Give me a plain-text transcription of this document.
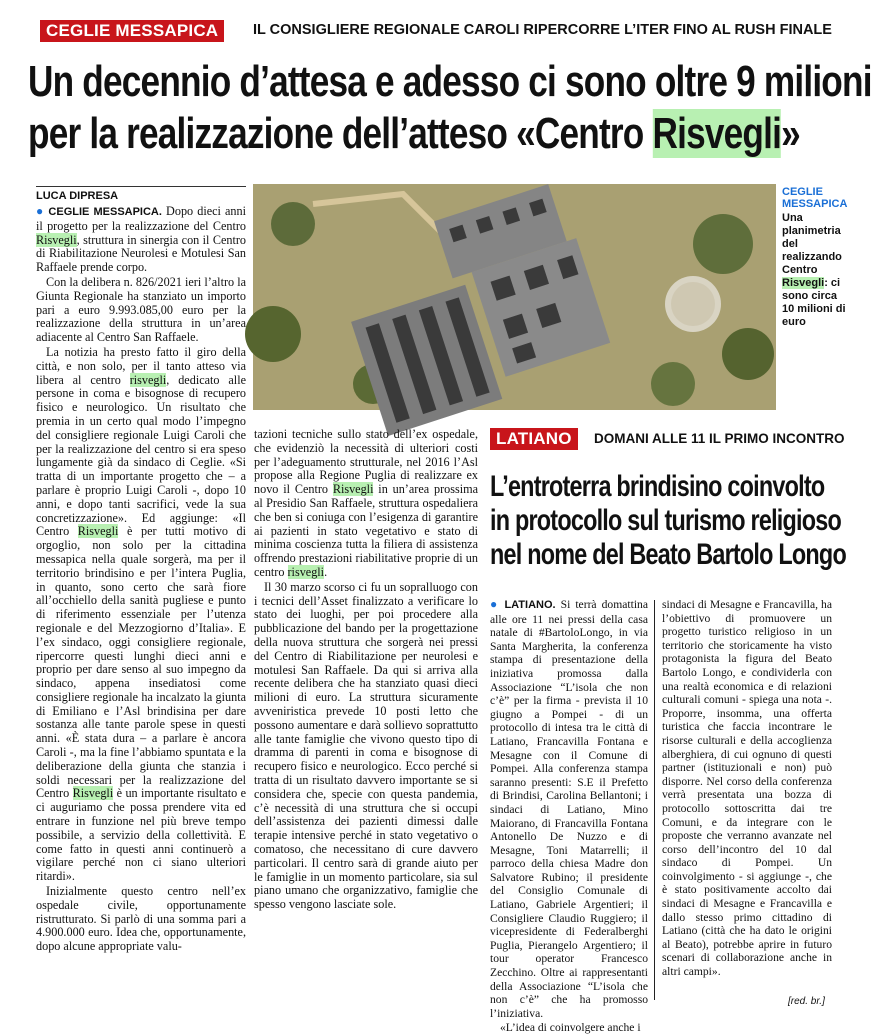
CEGLIE MESSAPICA	IL CONSIGLIERE REGIONALE CAROLI RIPERCORRE L’ITER FINO AL RUSH FINALE
Un decennio d’attesa e adesso ci sono oltre 9 milioni
per la realizzazione dell’atteso «Centro Risvegli»
LUCA DIPRESA

● CEGLIE MESSAPICA. Dopo dieci anni il progetto per la realizzazione del Centro Risvegli, struttura in sinergia con il Centro di Riabilitazione Neurolesi e Motulesi San Raffaele prende corpo.

Con la delibera n. 826/2021 ieri l’altro la Giunta Regionale ha stanziato un importo pari a euro 9.993.085,00 euro per la realizzazione della struttura in un’area adiacente al Centro San Raffaele.

La notizia ha presto fatto il giro della città, e non solo, per il tanto atteso via libera al centro risvegli, dedicato alle persone in coma e bisognose di recupero fisico e neurologico. Un risultato che premia in un certo qual modo l’impegno del consigliere regionale Luigi Caroli che per la realizzazione del centro si era speso lungamente già da sindaco di Ceglie. «Si tratta di un importante progetto che – a parlare è proprio Luigi Caroli -, dopo 10 anni, e dopo tanti sacrifici, vede la sua concretizzazione». Ed aggiunge: «Il Centro Risvegli è per tutti motivo di orgoglio, non solo per la cittadina messapica nella quale sorgerà, ma per il territorio brindisino e per l’intera Puglia, in quanto, sono certo che sarà fiore all’occhiello della sanità pugliese e punto di riferimento essenziale per l’utenza regionale e del Mezzogiorno d’Italia». E l’ex sindaco, oggi consigliere regionale, ripercorre questi lunghi dieci anni e proprio per dare senso al suo impegno da sindaco, appena insediatosi come consigliere regionale ha incalzato la giunta di Emiliano e l’Asl brindisina per dare sostanza alle tante parole spese in questi anni. «È stata dura – a parlare è ancora Caroli -, ma la fine l’abbiamo spuntata e la deliberazione della giunta che stanzia i soldi necessari per la realizzazione del Centro Risvegli è un importante risultato e ci auguriamo che possa prendere vita ed entrare in funzione nel più breve tempo possibile, a servizio della collettività. E come fatto in questi anni continuerò a vigilare perché non ci siano ulteriori ritardi».

Inizialmente questo centro nell’ex ospedale civile, opportunamente ristrutturato. Si parlò di una somma pari a 4.900.000 euro. Idea che, opportunamente, dopo alcune appropriate valu-

CEGLIE MESSAPICA
Una planimetria del realizzando Centro Risvegli: ci sono circa 10 milioni di euro

tazioni tecniche sullo stato dell’ex ospedale, che evidenziò la necessità di ulteriori costi per l’adeguamento strutturale, nel 2016 l’Asl propose alla Regione Puglia di realizzare ex novo il Centro Risvegli in un’area prossima al Presidio San Raffaele, struttura ospedaliera che ben si coniuga con l’esigenza di garantire ai pazienti in stato vegetativo e stato di minima coscienza tutta la filiera di assistenza offrendo prestazioni riabilitative proprie di un centro risvegli.

Il 30 marzo scorso ci fu un sopralluogo con i tecnici dell’Asset finalizzato a verificare lo stato dei luoghi, per poi procedere alla pubblicazione del bando per la progettazione della nuova struttura che sorgerà nei pressi del Centro di Riabilitazione per neurolesi e motulesi San Raffaele. Da qui si arriva alla recente delibera che ha stanziato quasi dieci milioni di euro. La struttura sicuramente avveniristica prevede 10 posti letto che possono aumentare e darà sollievo soprattutto alle tante famiglie che vivono questo tipo di dramma di parenti in coma e bisognose di recupero fisico e neurologico. Ecco perché si tratta di un risultato davvero importante se si considera che, specie con questa pandemia, c’è necessità di una struttura che si occupi dell’assistenza dei pazienti dimessi dalle terapie intensive perché in stato vegetativo o comatoso, che necessitano di cure davvero particolari. Il centro sarà di grande aiuto per le famiglie in un momento particolare, sia sul piano umano che organizzativo, famiglie che spesso vengono lasciate sole.

LATIANO	DOMANI ALLE 11 IL PRIMO INCONTRO
L’entroterra brindisino coinvolto
in protocollo sul turismo religioso
nel nome del Beato Bartolo Longo

● LATIANO. Si terrà domattina alle ore 11 nei pressi della casa natale di #BartoloLongo, in via Santa Margherita, la conferenza stampa di presentazione della iniziativa promossa dalla Associazione “L’isola che non c’è” per la firma - prevista il 10 giugno a Pompei - di un protocollo di intesa tra le città di Latiano, Francavilla Fontana e Mesagne con il Comune di Pompei. Alla conferenza stampa saranno presenti: S.E il Prefetto di Brindisi, Carolina Bellantoni; i sindaci di Latiano, Mino Maiorano, di Francavilla Fontana Antonello De Nuzzo e di Mesagne, Toni Matarrelli; il parroco della chiesa Madre don Salvatore Rubino; il presidente del Consiglio Comunale di Latiano, Gabriele Argentieri; il Consigliere Claudio Ruggiero; il vicepresidente di Federalberghi Puglia, Pierangelo Argentiero; il tour operator Francesco Zecchino. Oltre ai rappresentanti della Associazione “L’isola che non c’è” che ha promosso l’iniziativa.

«L’idea di coinvolgere anche i

sindaci di Mesagne e Francavilla, ha l’obiettivo di promuovere un progetto turistico religioso in un territorio che storicamente ha visto protagonista la figura del Beato Bartolo Longo, e condividerla con una realtà economica e di relazioni culturali comuni - spiega una nota -. Proporre, insomma, una offerta turistica che faccia incontrare le risorse culturali e della accoglienza alberghiera, di cui ognuno di questi partner (istituzionali e non) può disporre. Nel corso della conferenza verrà presentata una bozza di protocollo sottoscritta dai tre Comuni, e da integrare con le proposte che verranno avanzate nel corso dell’incontro del 10 dal sindaco di Pompei. Un coinvolgimento - si aggiunge -, che è stato positivamente accolto dai sindaci di Mesagne e Francavilla e dallo stesso primo cittadino di Latiano (città che ha dato le origini al Beato), potrebbe aprire in futuro scenari di collaborazione anche in altri campi».

[red. br.]
